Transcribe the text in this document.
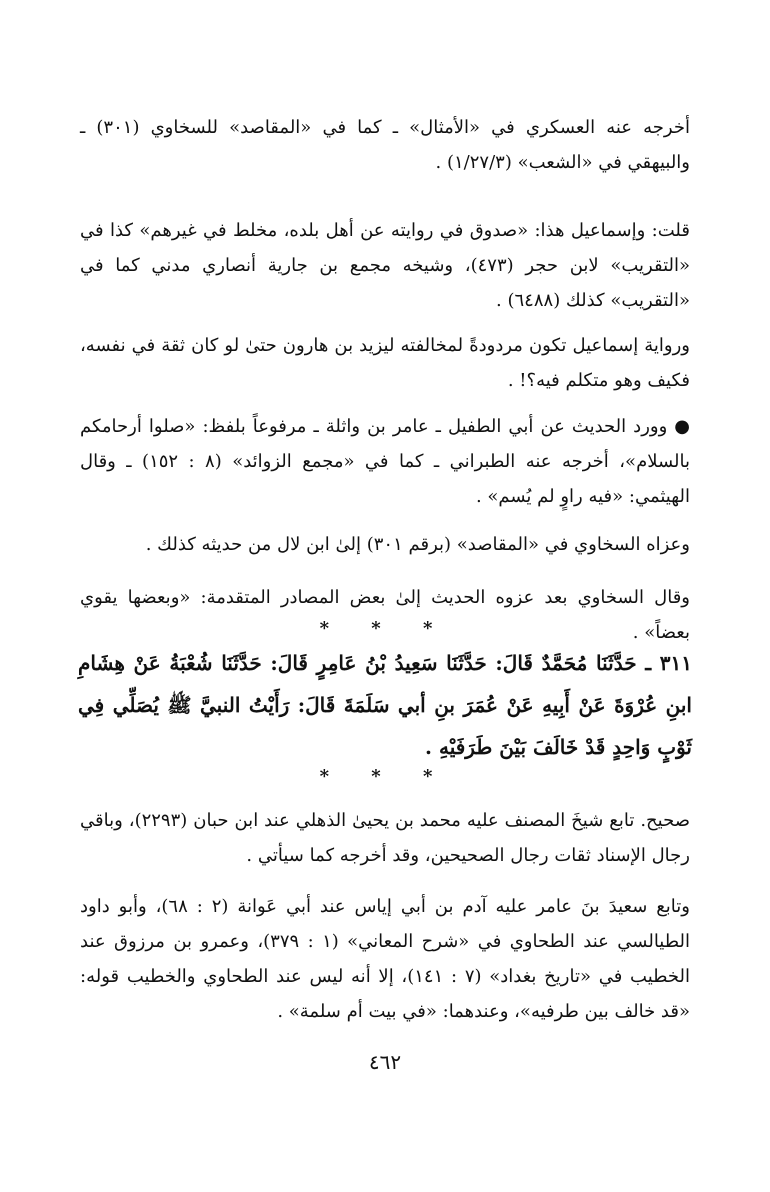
أخرجه عنه العسكري في «الأمثال» ـ كما في «المقاصد» للسخاوي (٣٠١) ـ والبيهقي في «الشعب» (١/٢٧/٣) .

قلت: وإسماعيل هذا: «صدوق في روايته عن أهل بلده، مخلط في غيرهم» كذا في «التقريب» لابن حجر (٤٧٣)، وشيخه مجمع بن جارية أنصاري مدني كما في «التقريب» كذلك (٦٤٨٨) .

ورواية إسماعيل تكون مردودةً لمخالفته ليزيد بن هارون حتىٰ لو كان ثقة في نفسه، فكيف وهو متكلم فيه؟! .

● وورد الحديث عن أبي الطفيل ـ عامر بن واثلة ـ مرفوعاً بلفظ: «صلوا أرحامكم بالسلام»، أخرجه عنه الطبراني ـ كما في «مجمع الزوائد» (٨ : ١٥٢) ـ وقال الهيثمي: «فيه راوٍ لم يُسم» .

وعزاه السخاوي في «المقاصد» (برقم ٣٠١) إلىٰ ابن لال من حديثه كذلك .

وقال السخاوي بعد عزوه الحديث إلىٰ بعض المصادر المتقدمة: «وبعضها يقوي بعضاً» .

* * *

٣١١ ـ حَدَّثَنَا مُحَمَّدٌ قَالَ: حَدَّثَنَا سَعِيدُ بْنُ عَامِرٍ قَالَ: حَدَّثَنَا شُعْبَةُ عَنْ هِشَامِ ابنِ عُرْوَةَ عَنْ أَبِيهِ عَنْ عُمَرَ بنِ أبي سَلَمَةَ قَالَ: رَأَيْتُ النبيَّ ﷺ يُصَلِّي فِي ثَوْبٍ وَاحِدٍ قَدْ خَالَفَ بَيْنَ طَرَفَيْهِ .

* * *

صحيح. تابع شيخَ المصنف عليه محمد بن يحيىٰ الذهلي عند ابن حبان (٢٢٩٣)، وباقي رجال الإسناد ثقات رجال الصحيحين، وقد أخرجه كما سيأتي .

وتابع سعيدَ بنَ عامر عليه آدم بن أبي إياس عند أبي عَوانة (٢ : ٦٨)، وأبو داود الطيالسي عند الطحاوي في «شرح المعاني» (١ : ٣٧٩)، وعمرو بن مرزوق عند الخطيب في «تاريخ بغداد» (٧ : ١٤١)، إلا أنه ليس عند الطحاوي والخطيب قوله: «قد خالف بين طرفيه»، وعندهما: «في بيت أم سلمة» .

٤٦٢
